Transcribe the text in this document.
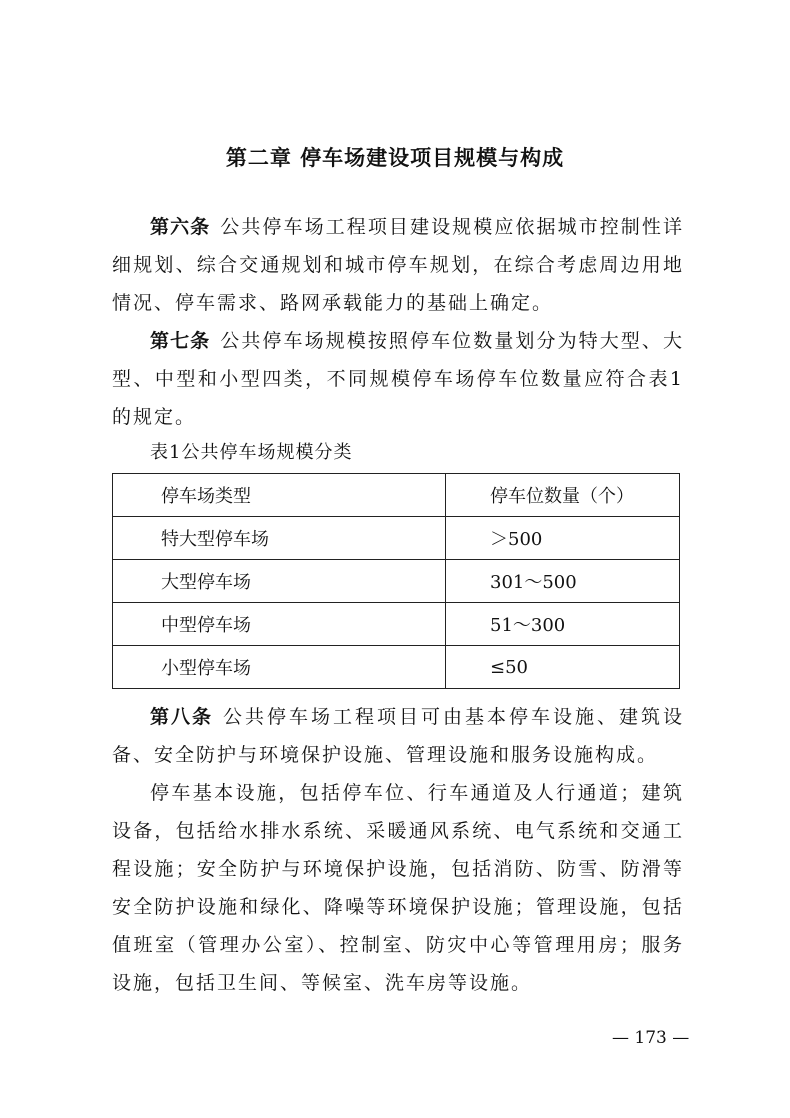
第二章 停车场建设项目规模与构成

第六条 公共停车场工程项目建设规模应依据城市控制性详细规划、综合交通规划和城市停车规划，在综合考虑周边用地情况、停车需求、路网承载能力的基础上确定。

第七条 公共停车场规模按照停车位数量划分为特大型、大型、中型和小型四类，不同规模停车场停车位数量应符合表1的规定。

表1公共停车场规模分类

停车场类型	停车位数量（个）
特大型停车场	＞500
大型停车场	301～500
中型停车场	51～300
小型停车场	≤50

第八条 公共停车场工程项目可由基本停车设施、建筑设备、安全防护与环境保护设施、管理设施和服务设施构成。

停车基本设施，包括停车位、行车通道及人行通道；建筑设备，包括给水排水系统、采暖通风系统、电气系统和交通工程设施；安全防护与环境保护设施，包括消防、防雪、防滑等安全防护设施和绿化、降噪等环境保护设施；管理设施，包括值班室（管理办公室）、控制室、防灾中心等管理用房；服务设施，包括卫生间、等候室、洗车房等设施。

— 173 —
